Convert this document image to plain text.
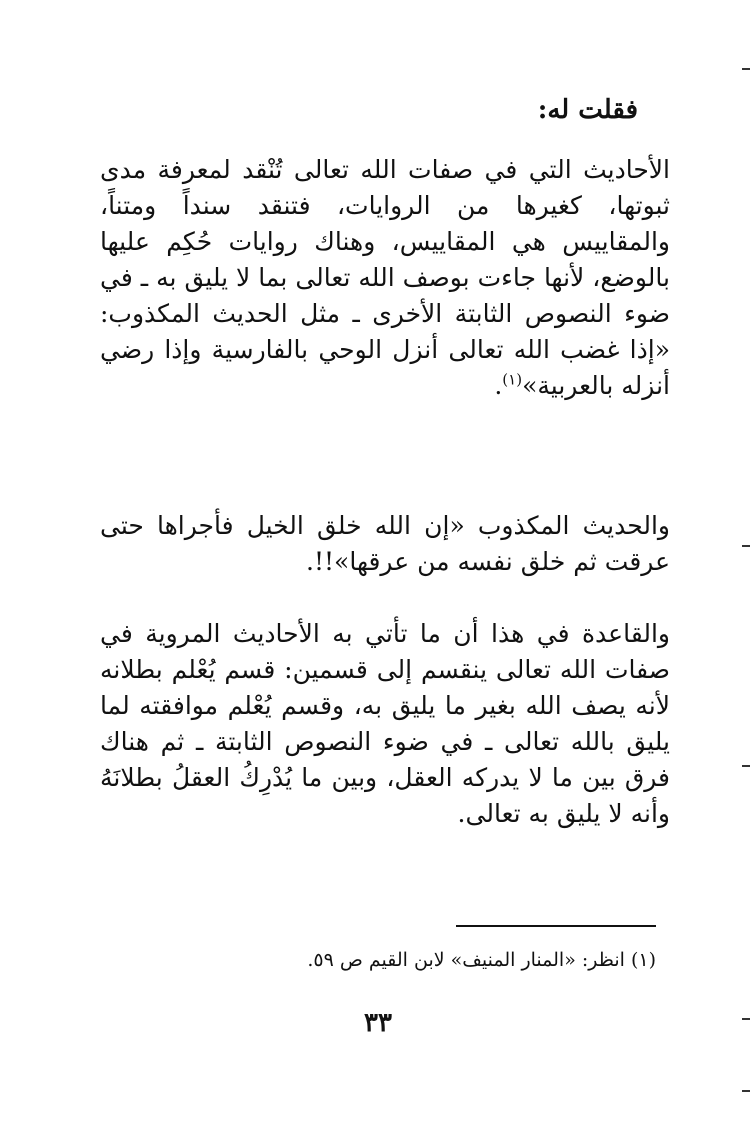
فقلت له:
الأحاديث التي في صفات الله تعالى تُنْقد لمعرفة مدى ثبوتها، كغيرها من الروايات، فتنقد سنداً ومتناً، والمقاييس هي المقاييس، وهناك روايات حُكِم عليها بالوضع، لأنها جاءت بوصف الله تعالى بما لا يليق به ـ في ضوء النصوص الثابتة الأخرى ـ مثل الحديث المكذوب: «إذا غضب الله تعالى أنزل الوحي بالفارسية وإذا رضي أنزله بالعربية»$^{(١)}$.
والحديث المكذوب «إن الله خلق الخيل فأجراها حتى عرقت ثم خلق نفسه من عرقها»!!.
والقاعدة في هذا أن ما تأتي به الأحاديث المروية في صفات الله تعالى ينقسم إلى قسمين: قسم يُعْلم بطلانه لأنه يصف الله بغير ما يليق به، وقسم يُعْلم موافقته لما يليق بالله تعالى ـ في ضوء النصوص الثابتة ـ ثم هناك فرق بين ما لا يدركه العقل، وبين ما يُدْرِكُ العقلُ بطلانَهُ وأنه لا يليق به تعالى.
(١) انظر: «المنار المنيف» لابن القيم ص ٥٩.
٣٣
